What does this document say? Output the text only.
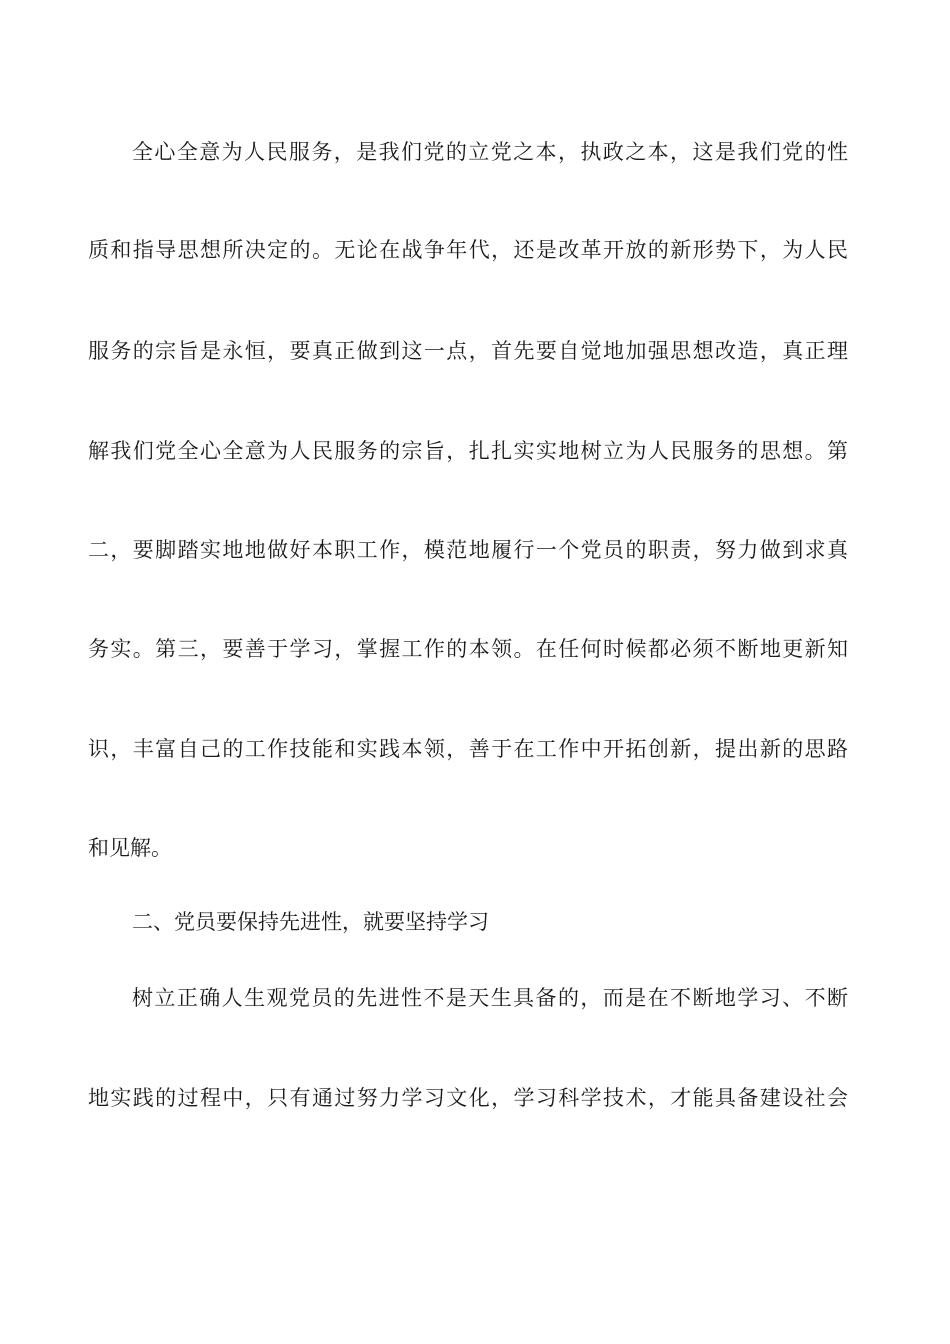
全心全意为人民服务，是我们党的立党之本，执政之本，这是我们党的性
质和指导思想所决定的。无论在战争年代，还是改革开放的新形势下，为人民
服务的宗旨是永恒，要真正做到这一点，首先要自觉地加强思想改造，真正理
解我们党全心全意为人民服务的宗旨，扎扎实实地树立为人民服务的思想。第
二，要脚踏实地地做好本职工作，模范地履行一个党员的职责，努力做到求真
务实。第三，要善于学习，掌握工作的本领。在任何时候都必须不断地更新知
识，丰富自己的工作技能和实践本领，善于在工作中开拓创新，提出新的思路
和见解。
二、党员要保持先进性，就要坚持学习
树立正确人生观党员的先进性不是天生具备的，而是在不断地学习、不断
地实践的过程中，只有通过努力学习文化，学习科学技术，才能具备建设社会
